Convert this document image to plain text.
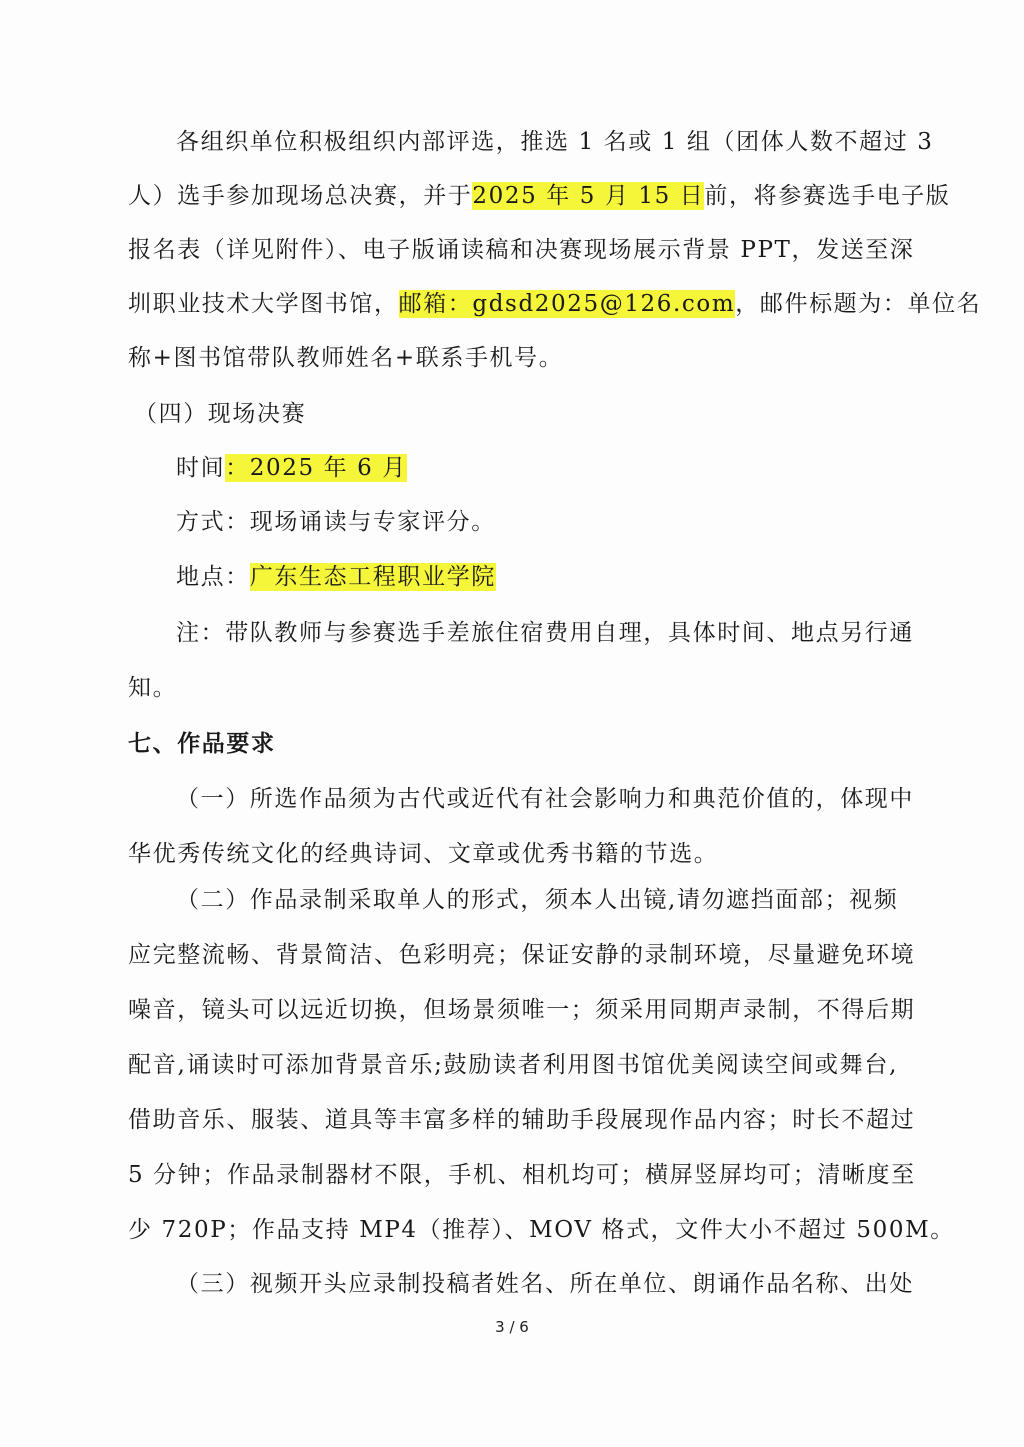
各组织单位积极组织内部评选，推选 1 名或 1 组（团体人数不超过 3
人）选手参加现场总决赛，并于2025 年 5 月 15 日前，将参赛选手电子版
报名表（详见附件）、电子版诵读稿和决赛现场展示背景 PPT，发送至深
圳职业技术大学图书馆，邮箱：gdsd2025@126.com，邮件标题为：单位名
称+图书馆带队教师姓名+联系手机号。
（四）现场决赛
时间：2025 年 6 月
方式：现场诵读与专家评分。
地点：广东生态工程职业学院
注：带队教师与参赛选手差旅住宿费用自理，具体时间、地点另行通
知。
七、作品要求
（一）所选作品须为古代或近代有社会影响力和典范价值的，体现中
华优秀传统文化的经典诗词、文章或优秀书籍的节选。
（二）作品录制采取单人的形式，须本人出镜,请勿遮挡面部；视频
应完整流畅、背景简洁、色彩明亮；保证安静的录制环境，尽量避免环境
噪音，镜头可以远近切换，但场景须唯一；须采用同期声录制，不得后期
配音,诵读时可添加背景音乐;鼓励读者利用图书馆优美阅读空间或舞台,
借助音乐、服装、道具等丰富多样的辅助手段展现作品内容；时长不超过
5 分钟；作品录制器材不限，手机、相机均可；横屏竖屏均可；清晰度至
少 720P；作品支持 MP4（推荐）、MOV 格式，文件大小不超过 500M。
（三）视频开头应录制投稿者姓名、所在单位、朗诵作品名称、出处
3 / 6
